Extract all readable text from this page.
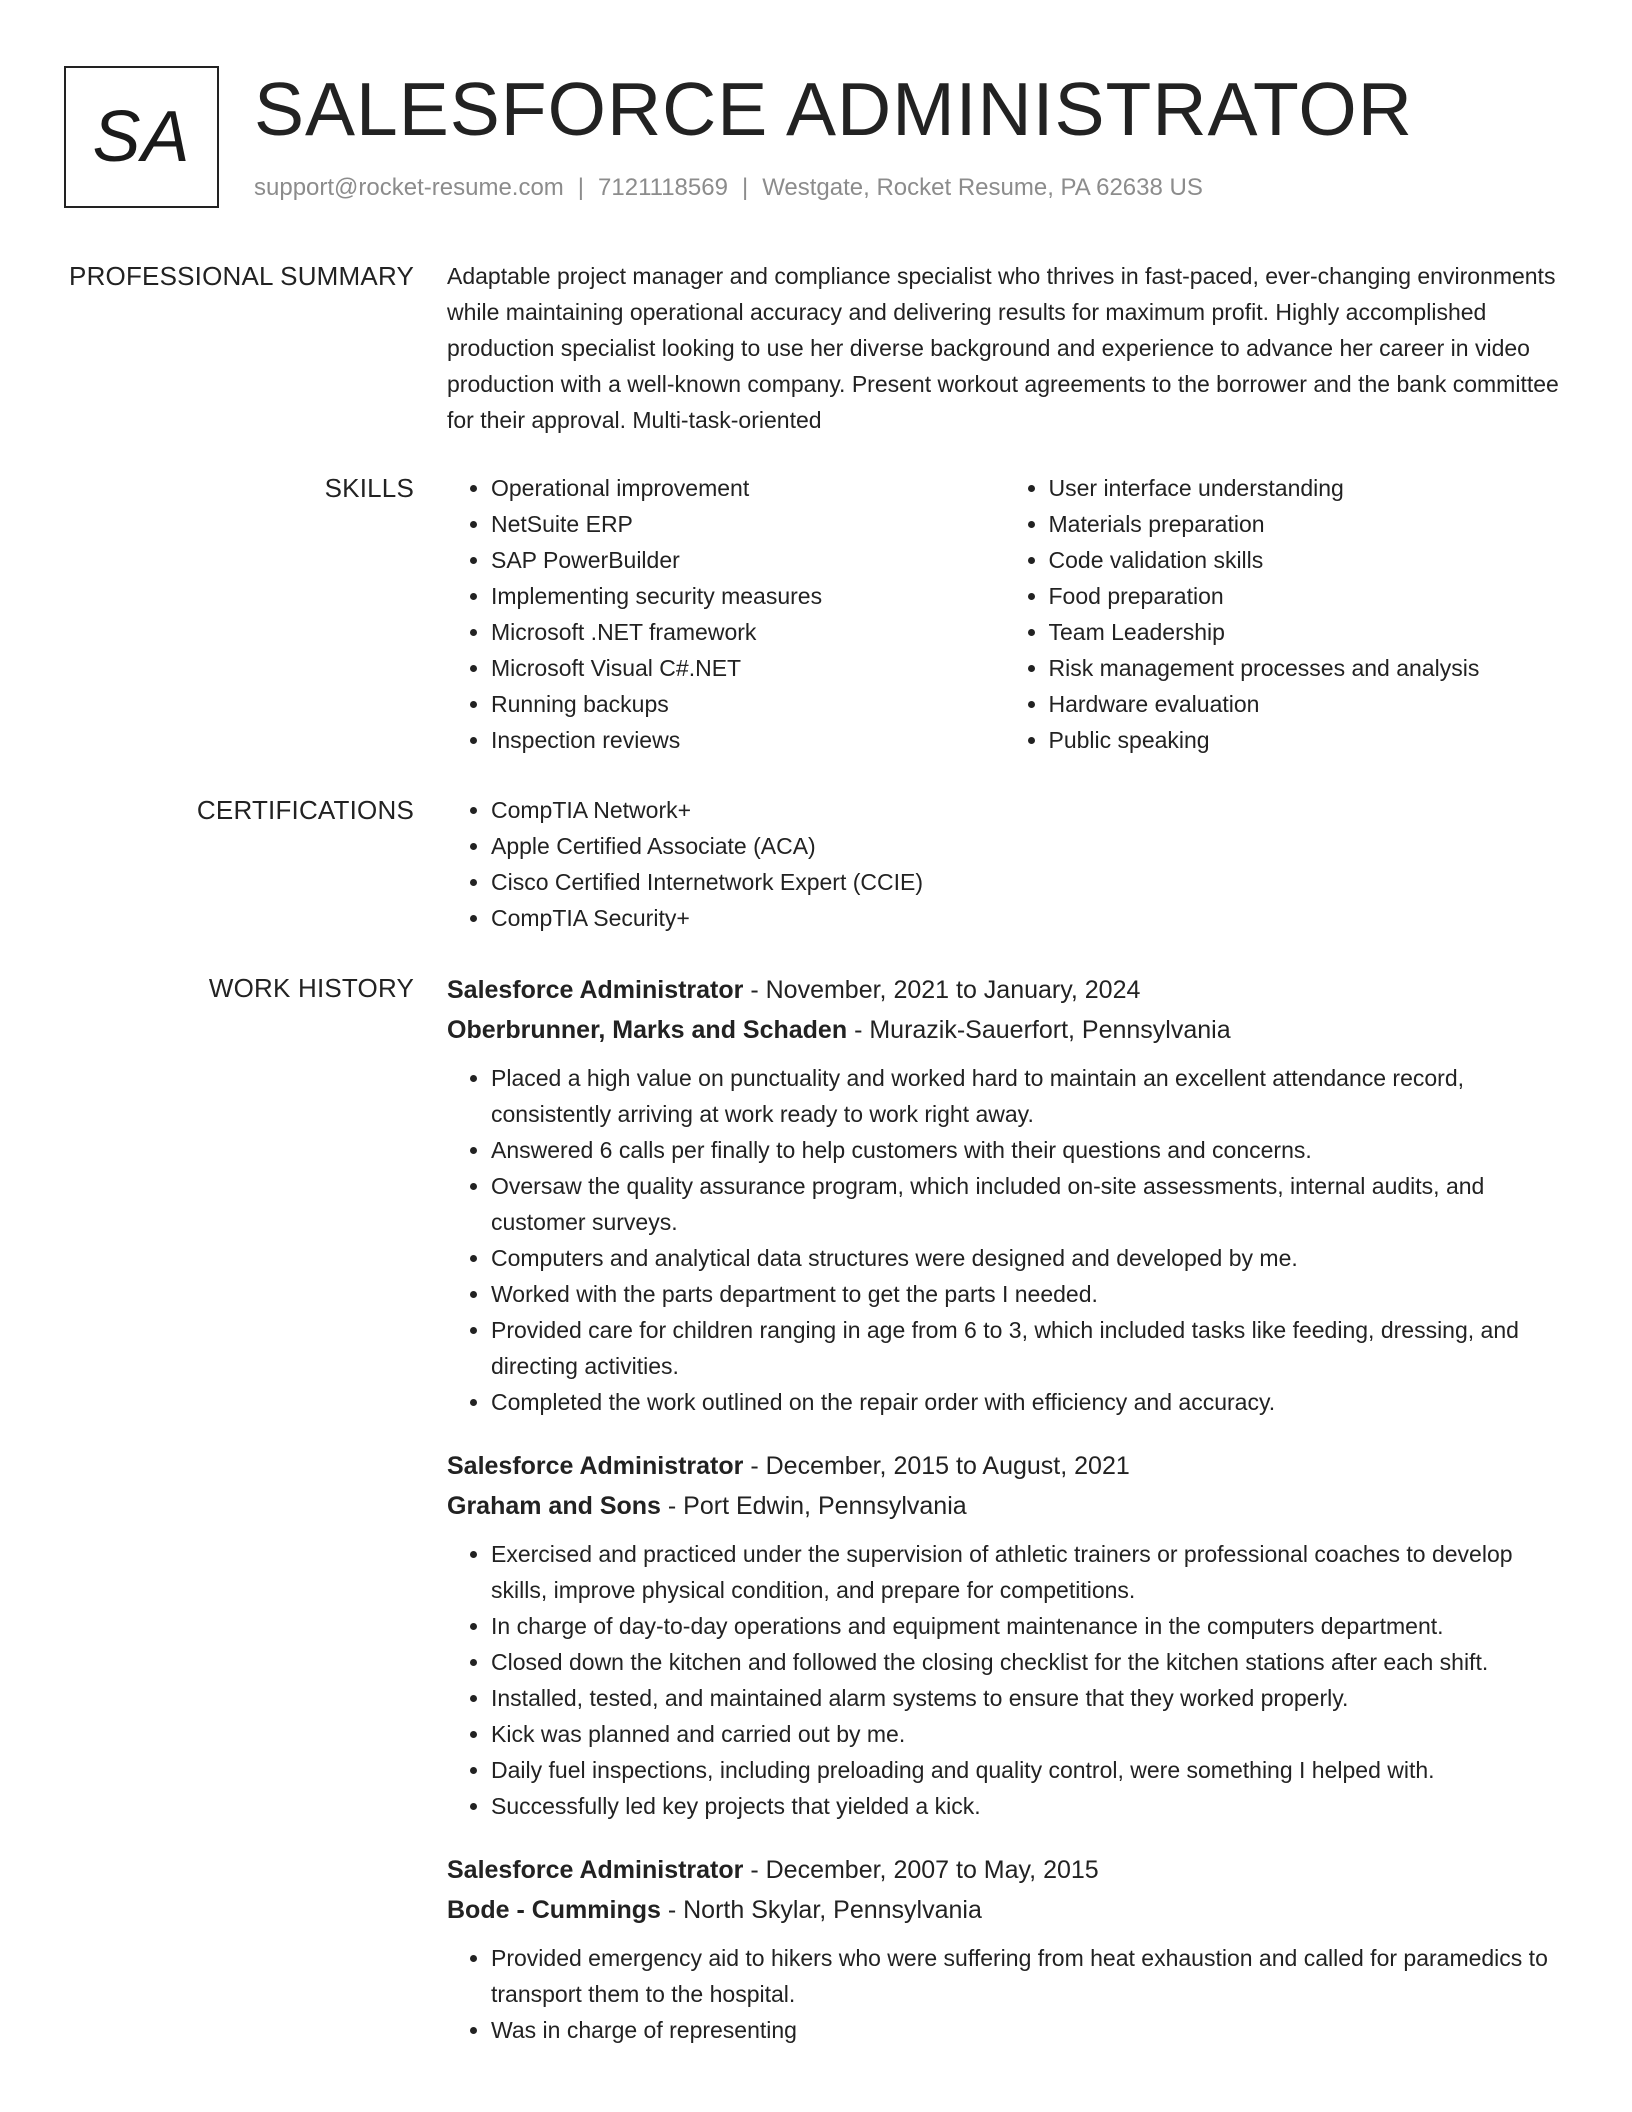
SA SALESFORCE ADMINISTRATOR
support@rocket-resume.com | 7121118569 | Westgate, Rocket Resume, PA 62638 US
PROFESSIONAL SUMMARY Adaptable project manager and compliance specialist who thrives in fast-paced, ever-changing environments while maintaining operational accuracy and delivering results for maximum profit. Highly accomplished production specialist looking to use her diverse background and experience to advance her career in video production with a well-known company. Present workout agreements to the borrower and the bank committee for their approval. Multi-task-oriented

SKILLS	• Operational improvement
• NetSuite ERP
• SAP PowerBuilder
• Implementing security measures
• Microsoft .NET framework
• Microsoft Visual C#.NET
• Running backups
• Inspection reviews
• User interface understanding
• Materials preparation
• Code validation skills
• Food preparation
• Team Leadership
• Risk management processes and analysis
• Hardware evaluation
• Public speaking
CERTIFICATIONS	• CompTIA Network+
• Apple Certified Associate (ACA)
• Cisco Certified Internetwork Expert (CCIE)
• CompTIA Security+
WORK HISTORY Salesforce Administrator - November, 2021 to January, 2024
Oberbrunner, Marks and Schaden - Murazik-Sauerfort, Pennsylvania
• Placed a high value on punctuality and worked hard to maintain an excellent attendance record, consistently arriving at work ready to work right away.
• Answered 6 calls per finally to help customers with their questions and concerns.
• Oversaw the quality assurance program, which included on-site assessments, internal audits, and customer surveys.
• Computers and analytical data structures were designed and developed by me.
• Worked with the parts department to get the parts I needed.
• Provided care for children ranging in age from 6 to 3, which included tasks like feeding, dressing, and directing activities.
• Completed the work outlined on the repair order with efficiency and accuracy.
Salesforce Administrator - December, 2015 to August, 2021
Graham and Sons - Port Edwin, Pennsylvania
• Exercised and practiced under the supervision of athletic trainers or professional coaches to develop skills, improve physical condition, and prepare for competitions.
• In charge of day-to-day operations and equipment maintenance in the computers department.
• Closed down the kitchen and followed the closing checklist for the kitchen stations after each shift.
• Installed, tested, and maintained alarm systems to ensure that they worked properly.
• Kick was planned and carried out by me.
• Daily fuel inspections, including preloading and quality control, were something I helped with.
• Successfully led key projects that yielded a kick.
Salesforce Administrator - December, 2007 to May, 2015
Bode - Cummings - North Skylar, Pennsylvania
• Provided emergency aid to hikers who were suffering from heat exhaustion and called for paramedics to transport them to the hospital.
• Was in charge of representing
